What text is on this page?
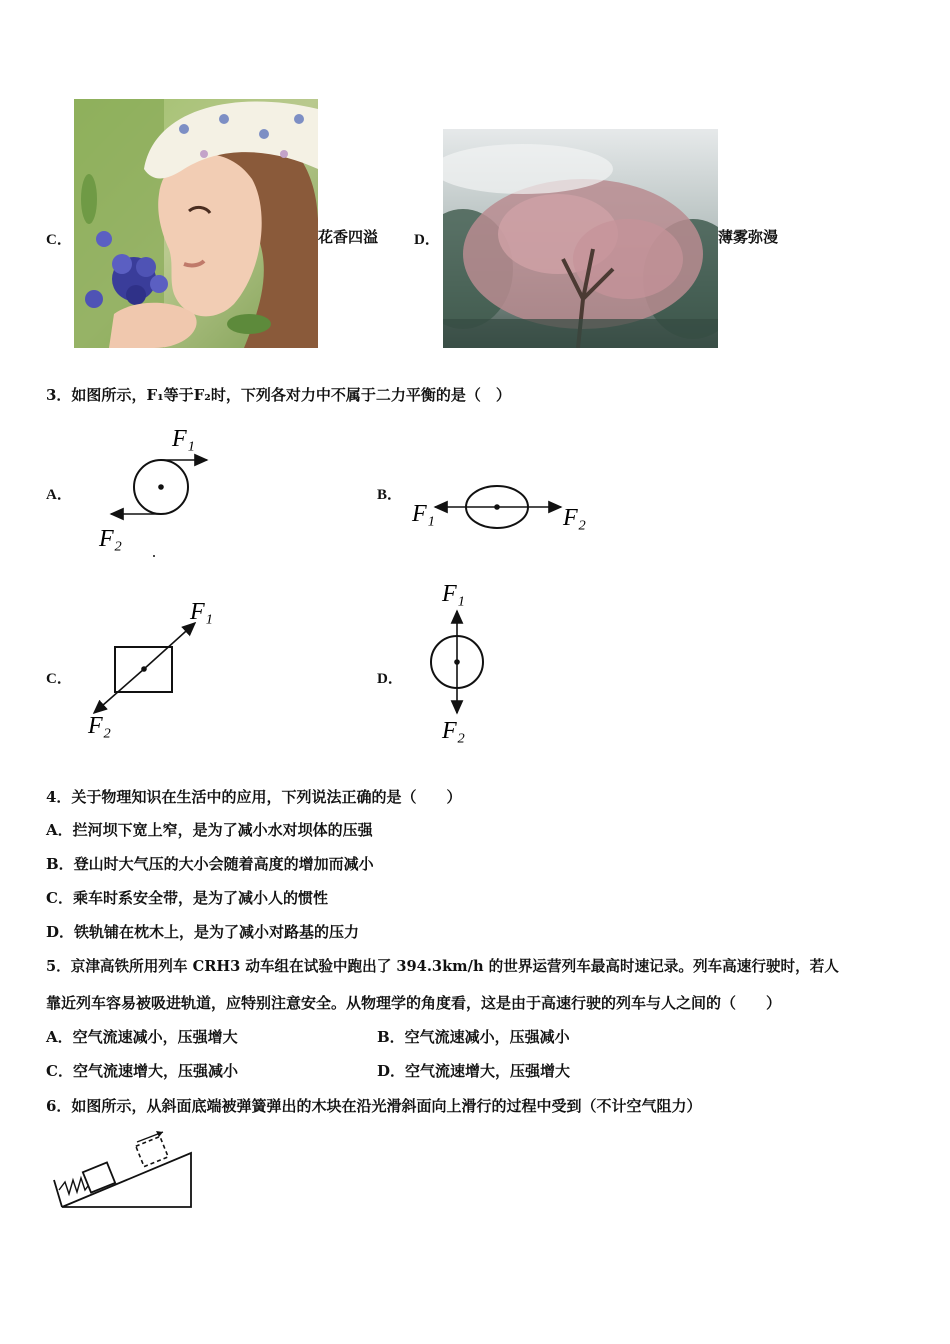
C．	花香四溢 D．	薄雾弥漫
3．如图所示，F₁等于F₂时，下列各对力中不属于二力平衡的是（　）
A．
F₁
F₂
B．
F₁	F₂
C．
F₁
F₂
D．
F₁
F₂
4．关于物理知识在生活中的应用，下列说法正确的是（　　）
A．拦河坝下宽上窄，是为了减小水对坝体的压强
B．登山时大气压的大小会随着高度的增加而减小
C．乘车时系安全带，是为了减小人的惯性
D．铁轨铺在枕木上，是为了减小对路基的压力
5．京津高铁所用列车 CRH3 动车组在试验中跑出了 394.3km/h 的世界运营列车最高时速记录。列车高速行驶时，若人
靠近列车容易被吸进轨道，应特别注意安全。从物理学的角度看，这是由于高速行驶的列车与人之间的（　　）
A．空气流速减小，压强增大	B．空气流速减小，压强减小
C．空气流速增大，压强减小	D．空气流速增大，压强增大
6．如图所示，从斜面底端被弹簧弹出的木块在沿光滑斜面向上滑行的过程中受到（不计空气阻力）
